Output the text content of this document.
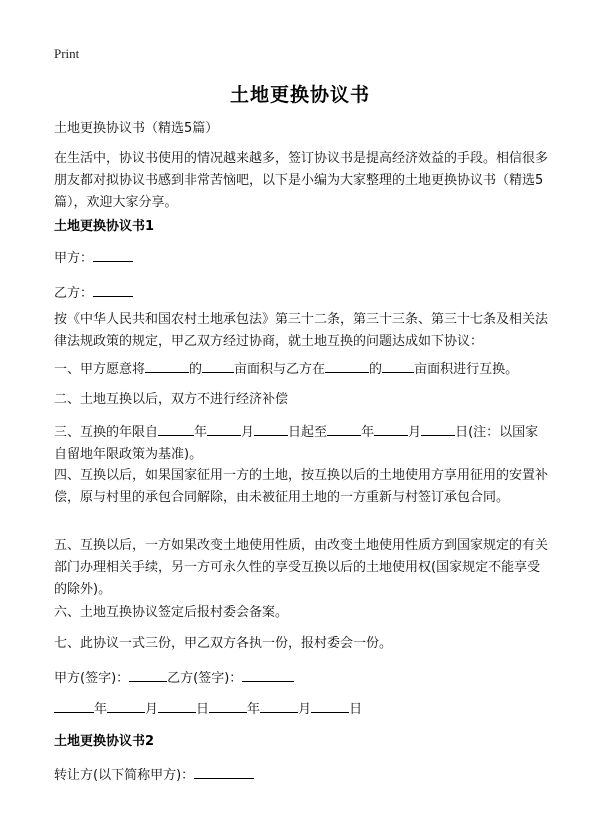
Print
土地更换协议书
土地更换协议书（精选5篇）
在生活中，协议书使用的情况越来越多，签订协议书是提高经济效益的手段。相信很多朋友都对拟协议书感到非常苦恼吧，以下是小编为大家整理的土地更换协议书（精选5篇），欢迎大家分享。
土地更换协议书1
甲方：
乙方：
按《中华人民共和国农村土地承包法》第三十二条，第三十三条、第三十七条及相关法律法规政策的规定，甲乙双方经过协商，就土地互换的问题达成如下协议：
一、甲方愿意将	的 亩面积与乙方在	的 亩面积进行互换。
二、土地互换以后，双方不进行经济补偿
三、互换的年限自	年	月	日起至	年	月	日(注：以国家自留地年限政策为基准)。
四、互换以后，如果国家征用一方的土地，按互换以后的土地使用方享用征用的安置补偿，原与村里的承包合同解除，由未被征用土地的一方重新与村签订承包合同。
五、互换以后，一方如果改变土地使用性质，由改变土地使用性质方到国家规定的有关部门办理相关手续，另一方可永久性的享受互换以后的土地使用权(国家规定不能享受的除外)。
六、土地互换协议签定后报村委会备案。
七、此协议一式三份，甲乙双方各执一份，报村委会一份。
甲方(签字)：	乙方(签字)：
年	月	日	年	月	日
土地更换协议书2
转让方(以下简称甲方)：
